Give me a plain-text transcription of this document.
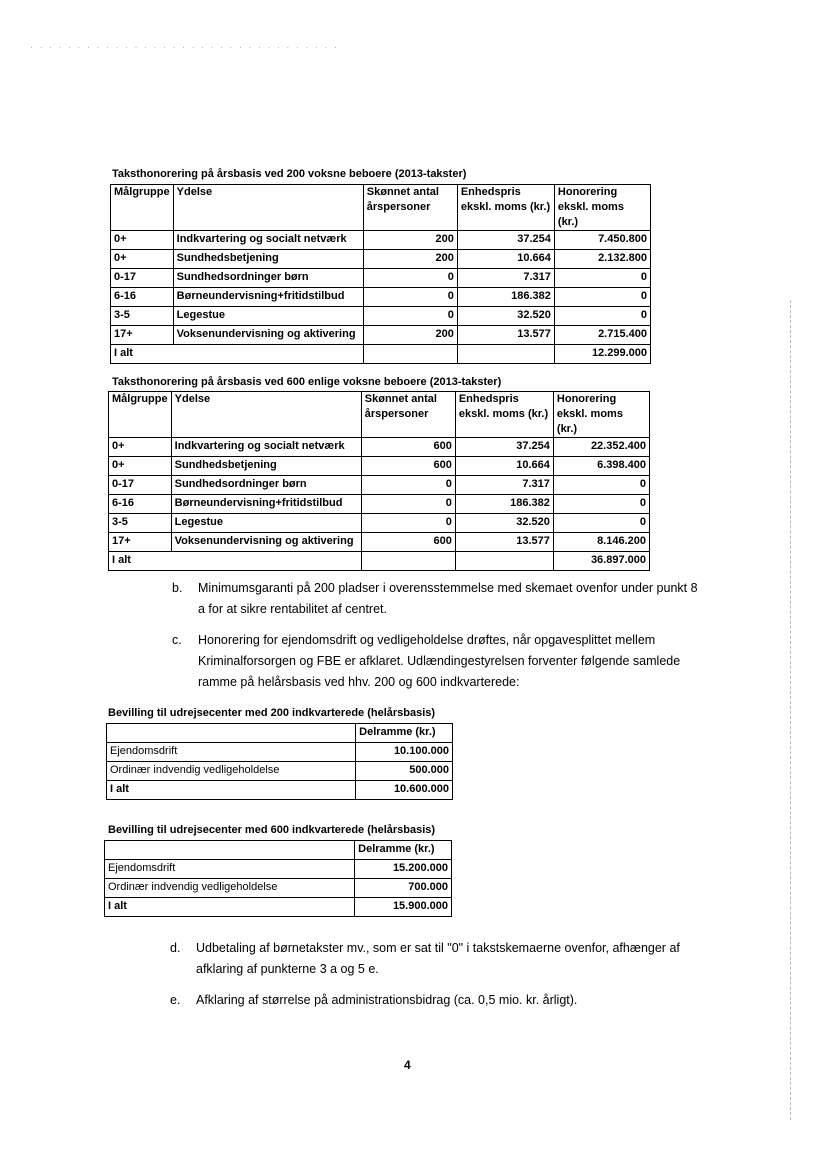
· · · · · · · · · · · · · · · · · · · · · · · · · · · · · · · · ·
Taksthonorering på årsbasis ved 200 voksne beboere (2013-takster)
Målgruppe	Ydelse	Skønnet antal årspersoner	Enhedspris ekskl. moms (kr.)	Honorering ekskl. moms (kr.)
0+	Indkvartering og socialt netværk	200	37.254	7.450.800
0+	Sundhedsbetjening	200	10.664	2.132.800
0-17	Sundhedsordninger børn	0	7.317	0
6-16	Børneundervisning+fritidstilbud	0	186.382	0
3-5	Legestue	0	32.520	0
17+	Voksenundervisning og aktivering	200	13.577	2.715.400
I alt				12.299.000
Taksthonorering på årsbasis ved 600 enlige voksne beboere (2013-takster)
Målgruppe	Ydelse	Skønnet antal årspersoner	Enhedspris ekskl. moms (kr.)	Honorering ekskl. moms (kr.)
0+	Indkvartering og socialt netværk	600	37.254	22.352.400
0+	Sundhedsbetjening	600	10.664	6.398.400
0-17	Sundhedsordninger børn	0	7.317	0
6-16	Børneundervisning+fritidstilbud	0	186.382	0
3-5	Legestue	0	32.520	0
17+	Voksenundervisning og aktivering	600	13.577	8.146.200
I alt				36.897.000
b. Minimumsgaranti på 200 pladser i overensstemmelse med skemaet ovenfor under punkt 8
a for at sikre rentabilitet af centret.
c. Honorering for ejendomsdrift og vedligeholdelse drøftes, når opgavesplittet mellem
Kriminalforsorgen og FBE er afklaret. Udlændingestyrelsen forventer følgende samlede
ramme på helårsbasis ved hhv. 200 og 600 indkvarterede:
Bevilling til udrejsecenter med 200 indkvarterede (helårsbasis)
	Delramme (kr.)
Ejendomsdrift	10.100.000
Ordinær indvendig vedligeholdelse	500.000
I alt	10.600.000
Bevilling til udrejsecenter med 600 indkvarterede (helårsbasis)
	Delramme (kr.)
Ejendomsdrift	15.200.000
Ordinær indvendig vedligeholdelse	700.000
I alt	15.900.000
d. Udbetaling af børnetakster mv., som er sat til "0" i takstskemaerne ovenfor, afhænger af
afklaring af punkterne 3 a og 5 e.
e. Afklaring af størrelse på administrationsbidrag (ca. 0,5 mio. kr. årligt).
4
